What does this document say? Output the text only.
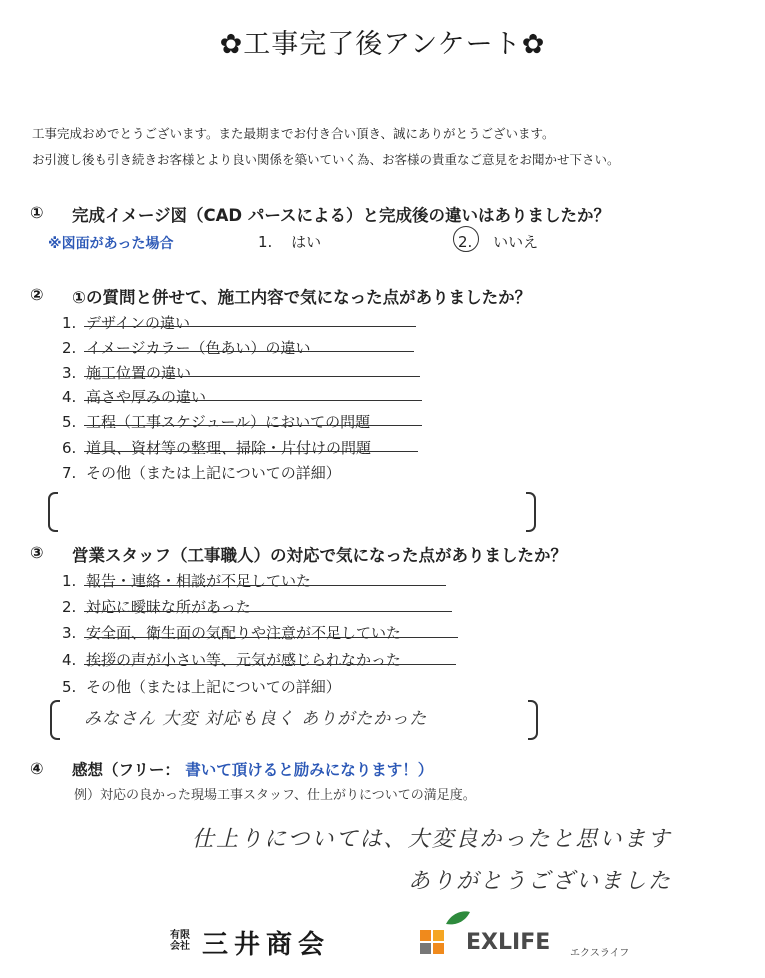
✿工事完了後アンケート✿
工事完成おめでとうございます。また最期までお付き合い頂き、誠にありがとうございます。
お引渡し後も引き続きお客様とより良い関係を築いていく為、お客様の貴重なご意見をお聞かせ下さい。
① 完成イメージ図（CAD パースによる）と完成後の違いはありましたか？
※図面があった場合	1. はい	2. いいえ
② ①の質問と併せて、施工内容で気になった点がありましたか？
1. デザインの違い
2. イメージカラー（色あい）の違い
3. 施工位置の違い
4. 高さや厚みの違い
5. 工程（工事スケジュール）においての問題
6. 道具、資材等の整理、掃除・片付けの問題
7. その他（または上記についての詳細）
③ 営業スタッフ（工事職人）の対応で気になった点がありましたか？
1. 報告・連絡・相談が不足していた
2. 対応に曖昧な所があった
3. 安全面、衛生面の気配りや注意が不足していた
4. 挨拶の声が小さい等、元気が感じられなかった
5. その他（または上記についての詳細）
みなさん 大変 対応も良く ありがたかった
④ 感想（フリー： 書いて頂けると励みになります！）
例）対応の良かった現場工事スタッフ、仕上がりについての満足度。
仕上りについては、大変良かったと思います
ありがとうございました
有限
会社 三井商会	EXLIFE エクスライフ
